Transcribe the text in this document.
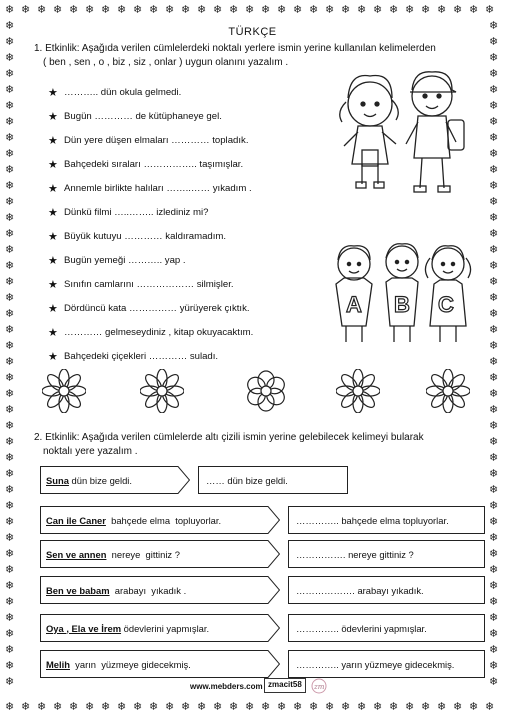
❄
❄
❄
❄
❄
❄
❄
❄
❄
❄
❄
❄
❄
❄
❄
❄
❄
❄
❄
❄
❄
❄
❄
❄
❄
❄
❄
❄
❄
❄
❄
❄
❄
❄
❄
❄
❄
❄
❄
❄
❄
❄
❄
❄
❄
❄
❄
❄
❄
❄
❄
❄
❄
❄
❄
❄
❄
❄
❄
❄
❄
❄
❄	❄
❄	❄
❄	❄
❄	❄
❄	❄
❄	❄
❄	❄
❄	❄
❄	❄
❄	❄
❄	❄
❄	❄
❄	❄
❄	❄
❄	❄
❄	❄
❄	❄
❄	❄
❄	❄
❄	❄
❄	❄
❄	❄
❄	❄
❄	❄
❄	❄
❄	❄
❄	❄
❄	❄
❄	❄
❄	❄
❄	❄
❄	❄
❄	❄
❄	❄
❄	❄
❄	❄
❄	❄
❄	❄
❄	❄
❄	❄
❄	❄
❄	❄
TÜRKÇE
1. Etkinlik: Aşağıda verilen cümlelerdeki noktalı yerlere ismin yerine kullanılan kelimelerden
( ben , sen , o , biz , siz , onlar ) uygun olanını yazalım .
★ ……….. dün okula gelmedi.
★ Bugün ………… de kütüphaneye gel.
★ Dün yere düşen elmaları ………… topladık.
★ Bahçedeki sıraları …………….. taşımışlar.
★ Annemle birlikte halıları ……..…… yıkadım .
★ Dünkü filmi …..…….. izlediniz mi?
★ Büyük kutuyu ………… kaldıramadım.
★ Bugün yemeği ……….. yap .
★ Sınıfın camlarını ……………… silmişler.
★ Dördüncü kata …………… yürüyerek çıktık.
★ ………… gelmeseydiniz , kitap okuyacaktım.
★ Bahçedeki çiçekleri ………… suladı.
A B C
2. Etkinlik: Aşağıda verilen cümlelerde altı çizili ismin yerine gelebilecek kelimeyi bularak
noktalı yere yazalım .
Suna dün bize geldi.	…… dün bize geldi.
Can ile Caner bahçede elma  topluyorlar.	………….. bahçede elma topluyorlar.
Sen ve annen nereye  gittiniz ?	……………. nereye gittiniz ?
Ben ve babam arabayı  yıkadık .	………………. arabayı yıkadık.
Oya , Ela ve İrem ödevlerini yapmışlar.	………….. ödevlerini yapmışlar.
Melih yarın  yüzmeye gidecekmiş.	………….. yarın yüzmeye gidecekmiş.
www.mebders.com zmacit58	zm
